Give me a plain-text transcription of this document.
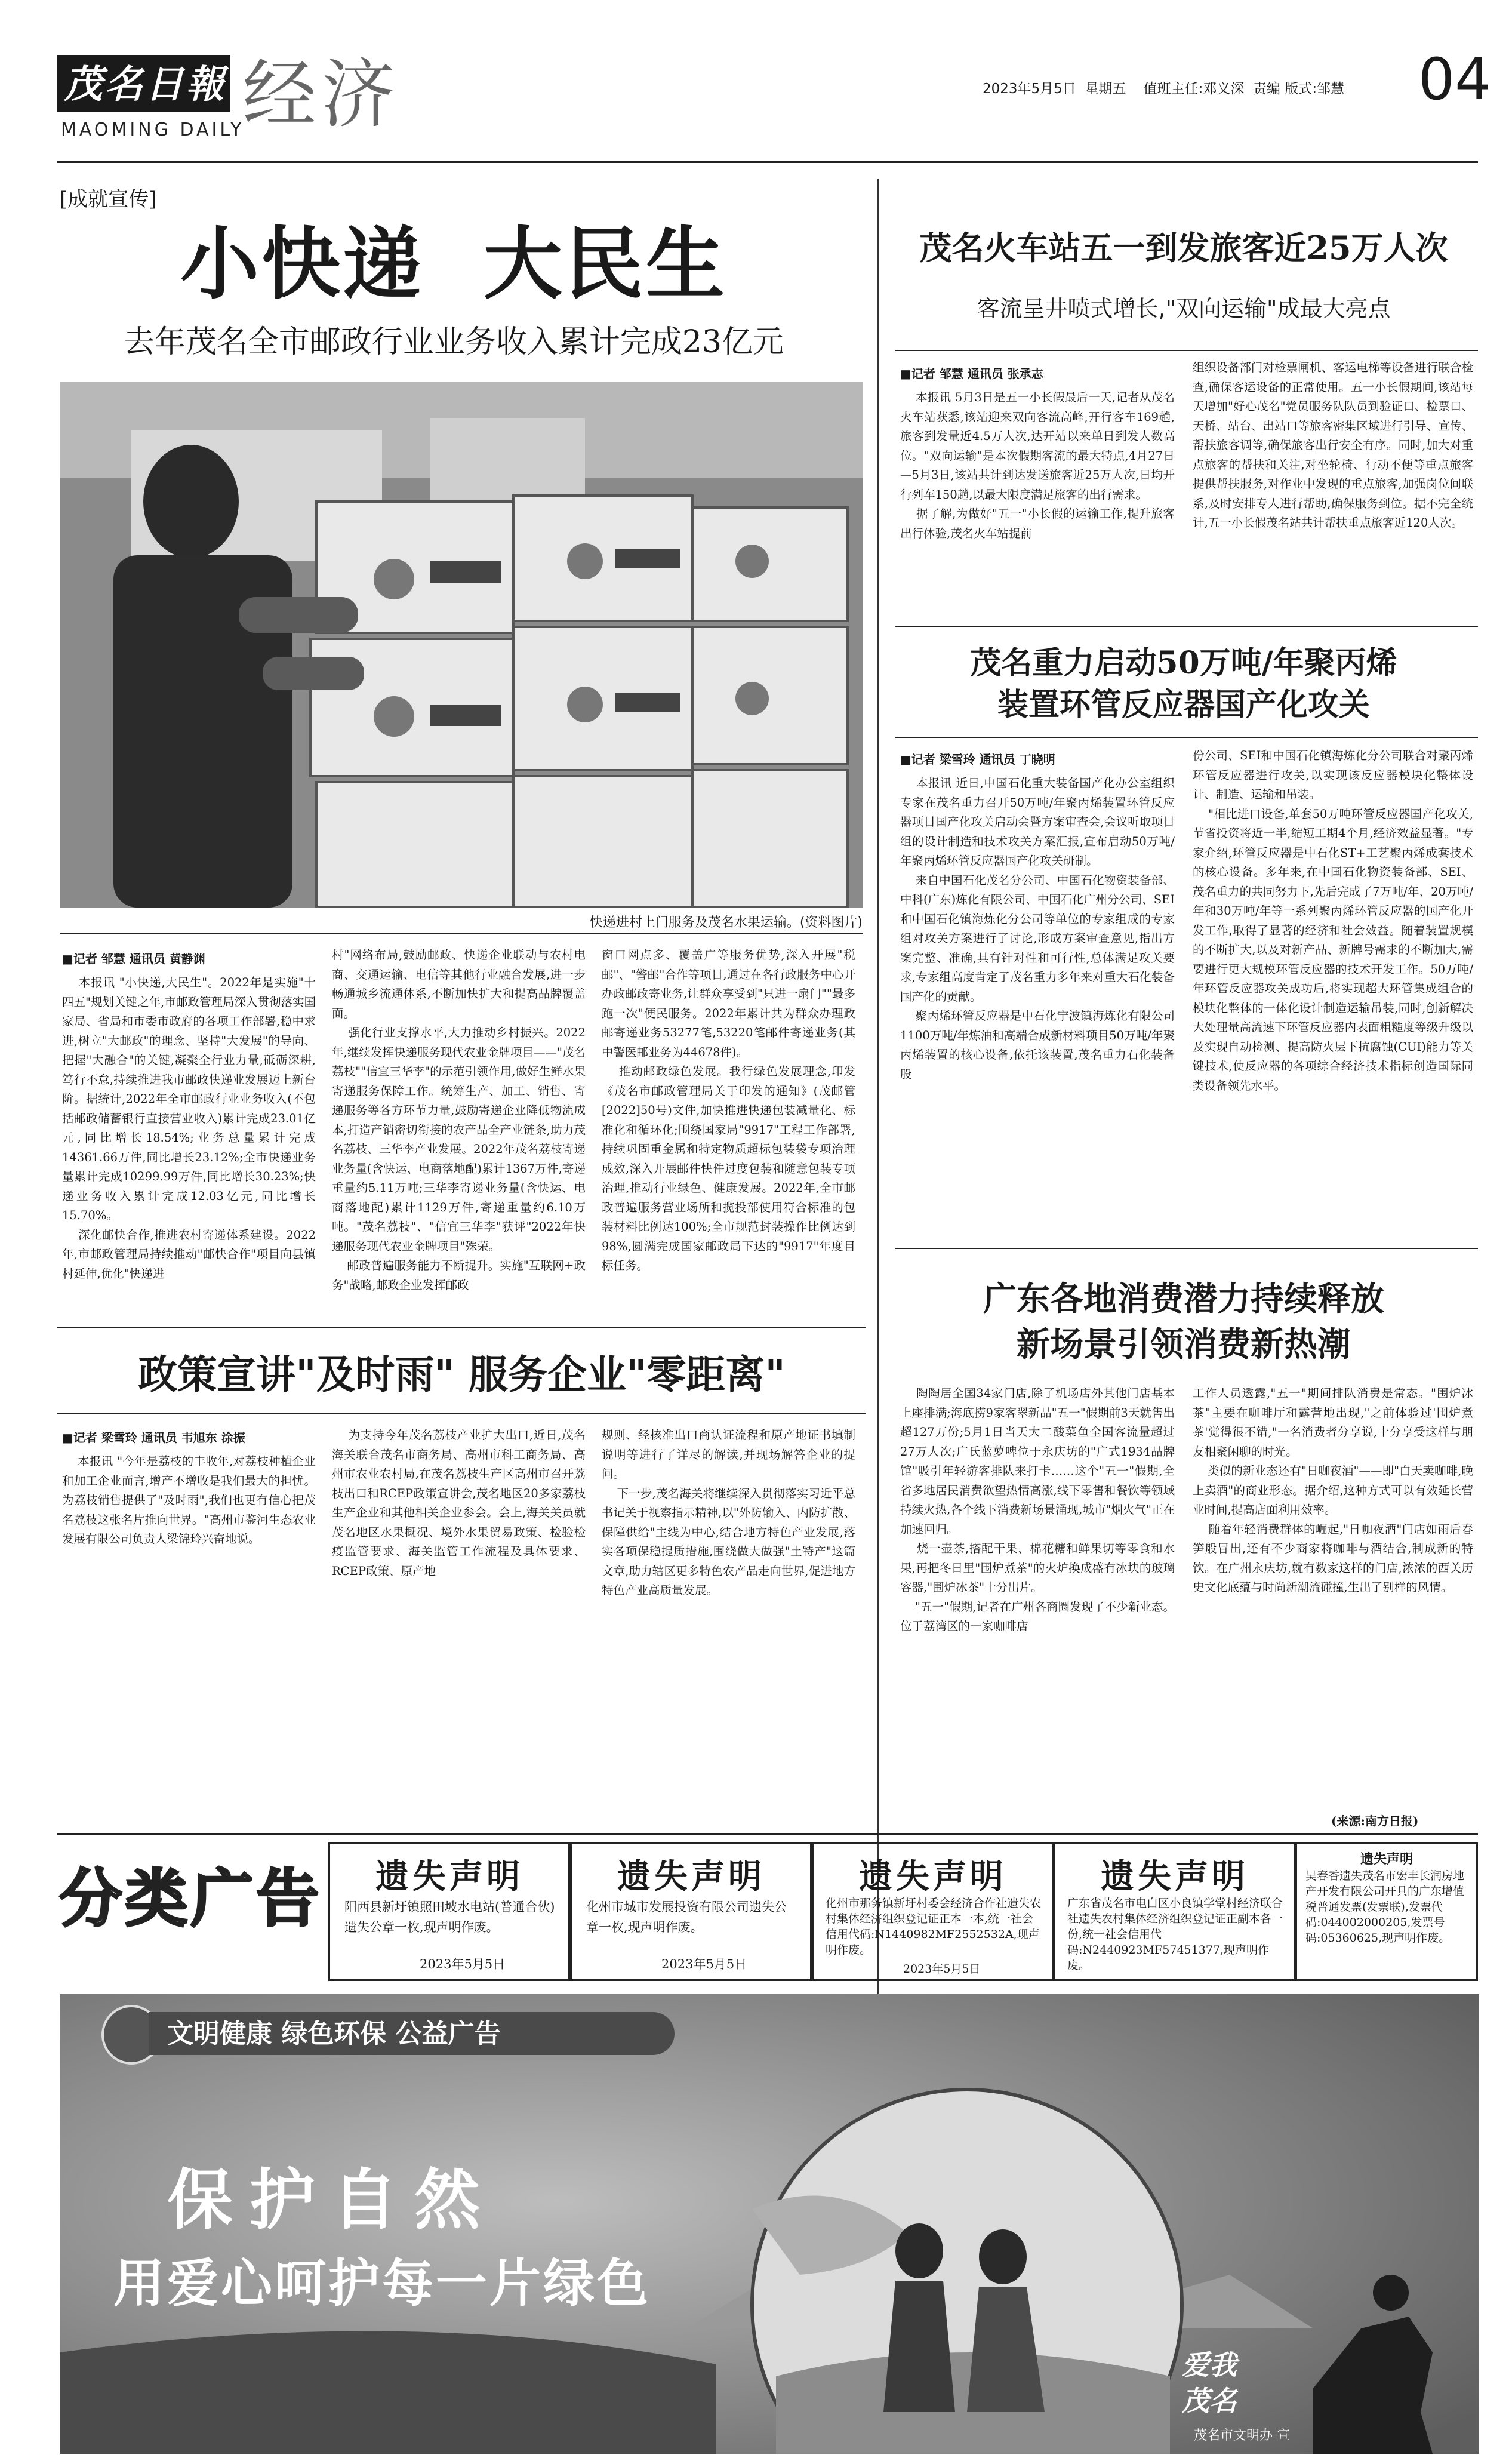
茂名日報
MAOMING DAILY
经济	2023年5月5日  星期五    值班主任:邓义深  责编 版式:邹慧 04
[成就宣传]
小快递  大民生
去年茂名全市邮政行业业务收入累计完成23亿元
快递进村上门服务及茂名水果运输。(资料图片)
■记者 邹慧 通讯员 黄静渊
本报讯 "小快递,大民生"。2022年是实施"十四五"规划关键之年,市邮政管理局深入贯彻落实国家局、省局和市委市政府的各项工作部署,稳中求进,树立"大邮政"的理念、坚持"大发展"的导向、把握"大融合"的关键,凝聚全行业力量,砥砺深耕,笃行不怠,持续推进我市邮政快递业发展迈上新台阶。据统计,2022年全市邮政行业业务收入(不包括邮政储蓄银行直接营业收入)累计完成23.01亿元,同比增长18.54%;业务总量累计完成14361.66万件,同比增长23.12%;全市快递业务量累计完成10299.99万件,同比增长30.23%;快递业务收入累计完成12.03亿元,同比增长15.70%。
深化邮快合作,推进农村寄递体系建设。2022年,市邮政管理局持续推动"邮快合作"项目向县镇村延伸,优化"快递进
村"网络布局,鼓励邮政、快递企业联动与农村电商、交通运输、电信等其他行业融合发展,进一步畅通城乡流通体系,不断加快扩大和提高品牌覆盖面。
强化行业支撑水平,大力推动乡村振兴。2022年,继续发挥快递服务现代农业金牌项目——"茂名荔枝""信宜三华李"的示范引领作用,做好生鲜水果寄递服务保障工作。统筹生产、加工、销售、寄递服务等各方环节力量,鼓励寄递企业降低物流成本,打造产销密切衔接的农产品全产业链条,助力茂名荔枝、三华李产业发展。2022年茂名荔枝寄递业务量(含快运、电商落地配)累计1367万件,寄递重量约5.11万吨;三华李寄递业务量(含快运、电商落地配)累计1129万件,寄递重量约6.10万吨。"茂名荔枝"、"信宜三华李"获评"2022年快递服务现代农业金牌项目"殊荣。
邮政普遍服务能力不断提升。实施"互联网+政务"战略,邮政企业发挥邮政
窗口网点多、覆盖广等服务优势,深入开展"税邮"、"警邮"合作等项目,通过在各行政服务中心开办政邮政寄业务,让群众享受到"只进一扇门""最多跑一次"便民服务。2022年累计共为群众办理政邮寄递业务53277笔,53220笔邮件寄递业务(其中警医邮业务为44678件)。
推动邮政绿色发展。我行绿色发展理念,印发《茂名市邮政管理局关于印发的通知》(茂邮管[2022]50号)文件,加快推进快递包装减量化、标准化和循环化;围绕国家局"9917"工程工作部署,持续巩固重金属和特定物质超标包装袋专项治理成效,深入开展邮件快件过度包装和随意包装专项治理,推动行业绿色、健康发展。2022年,全市邮政普遍服务营业场所和揽投部使用符合标准的包装材料比例达100%;全市规范封装操作比例达到98%,圆满完成国家邮政局下达的"9917"年度目标任务。
茂名火车站五一到发旅客近25万人次
客流呈井喷式增长,"双向运输"成最大亮点
■记者 邹慧 通讯员 张承志
本报讯 5月3日是五一小长假最后一天,记者从茂名火车站获悉,该站迎来双向客流高峰,开行客车169趟,旅客到发量近4.5万人次,达开站以来单日到发人数高位。"双向运输"是本次假期客流的最大特点,4月27日—5月3日,该站共计到达发送旅客近25万人次,日均开行列车150趟,以最大限度满足旅客的出行需求。
据了解,为做好"五一"小长假的运输工作,提升旅客出行体验,茂名火车站提前
组织设备部门对检票闸机、客运电梯等设备进行联合检查,确保客运设备的正常使用。五一小长假期间,该站每天增加"好心茂名"党员服务队队员到验证口、检票口、天桥、站台、出站口等旅客密集区域进行引导、宣传、帮扶旅客调等,确保旅客出行安全有序。同时,加大对重点旅客的帮扶和关注,对坐轮椅、行动不便等重点旅客提供帮扶服务,对作业中发现的重点旅客,加强岗位间联系,及时安排专人进行帮助,确保服务到位。据不完全统计,五一小长假茂名站共计帮扶重点旅客近120人次。
茂名重力启动50万吨/年聚丙烯
装置环管反应器国产化攻关
■记者 梁雪玲 通讯员 丁晓明
本报讯 近日,中国石化重大装备国产化办公室组织专家在茂名重力召开50万吨/年聚丙烯装置环管反应器项目国产化攻关启动会暨方案审查会,会议听取项目组的设计制造和技术攻关方案汇报,宣布启动50万吨/年聚丙烯环管反应器国产化攻关研制。
来自中国石化茂名分公司、中国石化物资装备部、中科(广东)炼化有限公司、中国石化广州分公司、SEI和中国石化镇海炼化分公司等单位的专家组成的专家组对攻关方案进行了讨论,形成方案审查意见,指出方案完整、准确,具有针对性和可行性,总体满足攻关要求,专家组高度肯定了茂名重力多年来对重大石化装备国产化的贡献。
聚丙烯环管反应器是中石化宁波镇海炼化有限公司1100万吨/年炼油和高端合成新材料项目50万吨/年聚丙烯装置的核心设备,依托该装置,茂名重力石化装备股
份公司、SEI和中国石化镇海炼化分公司联合对聚丙烯环管反应器进行攻关,以实现该反应器模块化整体设计、制造、运输和吊装。
"相比进口设备,单套50万吨环管反应器国产化攻关,节省投资将近一半,缩短工期4个月,经济效益显著。"专家介绍,环管反应器是中石化ST+工艺聚丙烯成套技术的核心设备。多年来,在中国石化物资装备部、SEI、茂名重力的共同努力下,先后完成了7万吨/年、20万吨/年和30万吨/年等一系列聚丙烯环管反应器的国产化开发工作,取得了显著的经济和社会效益。随着装置规模的不断扩大,以及对新产品、新牌号需求的不断加大,需要进行更大规模环管反应器的技术开发工作。50万吨/年环管反应器攻关成功后,将实现超大环管集成组合的模块化整体的一体化设计制造运输吊装,同时,创新解决大处理量高流速下环管反应器内表面粗糙度等级升级以及实现自动检测、提高防火层下抗腐蚀(CUI)能力等关键技术,使反应器的各项综合经济技术指标创造国际同类设备领先水平。
广东各地消费潜力持续释放
新场景引领消费新热潮
陶陶居全国34家门店,除了机场店外其他门店基本上座排满;海底捞9家客翠新品"五一"假期前3天就售出超127万份;5月1日当天大二酸菜鱼全国客流量超过27万人次;广氏蓝萝啤位于永庆坊的"广式1934品牌馆"吸引年轻游客排队来打卡……这个"五一"假期,全省多地居民消费欲望热情高涨,线下零售和餐饮等领域持续火热,各个线下消费新场景涌现,城市"烟火气"正在加速回归。
烧一壶茶,搭配干果、棉花糖和鲜果切等零食和水果,再把冬日里"围炉煮茶"的火炉换成盛有冰块的玻璃容器,"围炉冰茶"十分出片。
"五一"假期,记者在广州各商圈发现了不少新业态。位于荔湾区的一家咖啡店
工作人员透露,"五一"期间排队消费是常态。"围炉冰茶"主要在咖啡厅和露营地出现,"之前体验过'围炉煮茶'觉得很不错,"一名消费者分享说,十分享受这样与朋友相聚闲聊的时光。
类似的新业态还有"日咖夜酒"——即"白天卖咖啡,晚上卖酒"的商业形态。据介绍,这种方式可以有效延长营业时间,提高店面利用效率。
随着年轻消费群体的崛起,"日咖夜酒"门店如雨后春笋般冒出,还有不少商家将咖啡与酒结合,制成新的特饮。在广州永庆坊,就有数家这样的门店,浓浓的西关历史文化底蕴与时尚新潮流碰撞,生出了别样的风情。
(来源:南方日报)
政策宣讲"及时雨" 服务企业"零距离"
■记者 梁雪玲 通讯员 韦旭东 涂振
本报讯 "今年是荔枝的丰收年,对荔枝种植企业和加工企业而言,增产不增收是我们最大的担忧。为荔枝销售提供了"及时雨",我们也更有信心把茂名荔枝这张名片推向世界。"高州市鉴河生态农业发展有限公司负责人梁锦玲兴奋地说。
为支持今年茂名荔枝产业扩大出口,近日,茂名海关联合茂名市商务局、高州市科工商务局、高州市农业农村局,在茂名荔枝生产区高州市召开荔枝出口和RCEP政策宣讲会,茂名地区20多家荔枝生产企业和其他相关企业参会。会上,海关关员就茂名地区水果概况、境外水果贸易政策、检验检疫监管要求、海关监管工作流程及具体要求、RCEP政策、原产地
规则、经核准出口商认证流程和原产地证书填制说明等进行了详尽的解读,并现场解答企业的提问。
下一步,茂名海关将继续深入贯彻落实习近平总书记关于视察指示精神,以"外防输入、内防扩散、保障供给"主线为中心,结合地方特色产业发展,落实各项保稳提质措施,围绕做大做强"土特产"这篇文章,助力辖区更多特色农产品走向世界,促进地方特色产业高质量发展。
分类广告	遗失声明
阳西县新圩镇照田坡水电站(普通合伙)遗失公章一枚,现声明作废。
2023年5月5日
遗失声明
化州市城市发展投资有限公司遗失公章一枚,现声明作废。
2023年5月5日
遗失声明
化州市那务镇新圩村委会经济合作社遗失农村集体经济组织登记证正本一本,统一社会信用代码:N1440982MF2552532A,现声明作废。
2023年5月5日
遗失声明
广东省茂名市电白区小良镇学堂村经济联合社遗失农村集体经济组织登记证正副本各一份,统一社会信用代码:N2440923MF57451377,现声明作废。
遗失声明
吴春香遗失茂名市宏丰长润房地产开发有限公司开具的广东增值税普通发票(发票联),发票代码:044002000205,发票号码:05360625,现声明作废。
文明健康 绿色环保 公益广告
保护自然
用爱心呵护每一片绿色
爱我
茂名
茂名市文明办 宣
